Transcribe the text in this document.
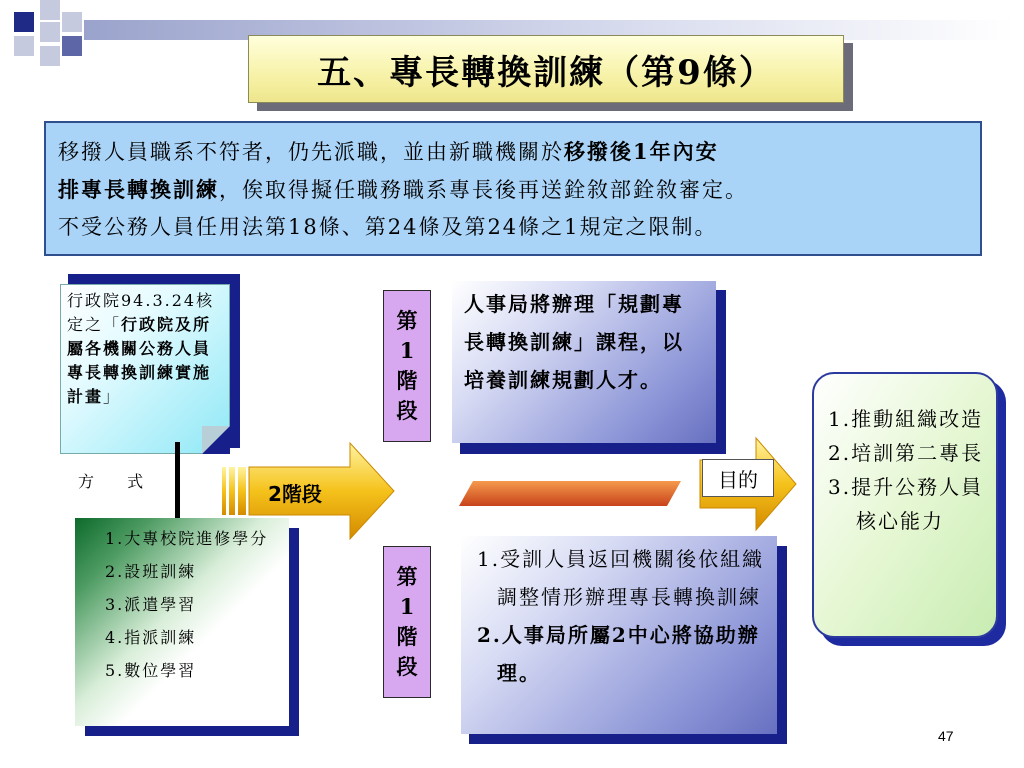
五、專長轉換訓練（第9條）
移撥人員職系不符者，仍先派職，並由新職機關於移撥後1年內安
排專長轉換訓練，俟取得擬任職務職系專長後再送銓敘部銓敘審定。
不受公務人員任用法第18條、第24條及第24條之1規定之限制。
行政院94.3.24核定之「行政院及所屬各機關公務人員專長轉換訓練實施計畫」
方 式
1.大專校院進修學分
2.設班訓練
3.派遣學習
4.指派訓練
5.數位學習
2階段
目的
第
1
階
段
第
1
階
段
人事局將辦理「規劃專長轉換訓練」課程，以培養訓練規劃人才。
1.受訓人員返回機關後依組織調整情形辦理專長轉換訓練
2.人事局所屬2中心將協助辦理。
1.推動組織改造
2.培訓第二專長
3.提升公務人員核心能力
47
